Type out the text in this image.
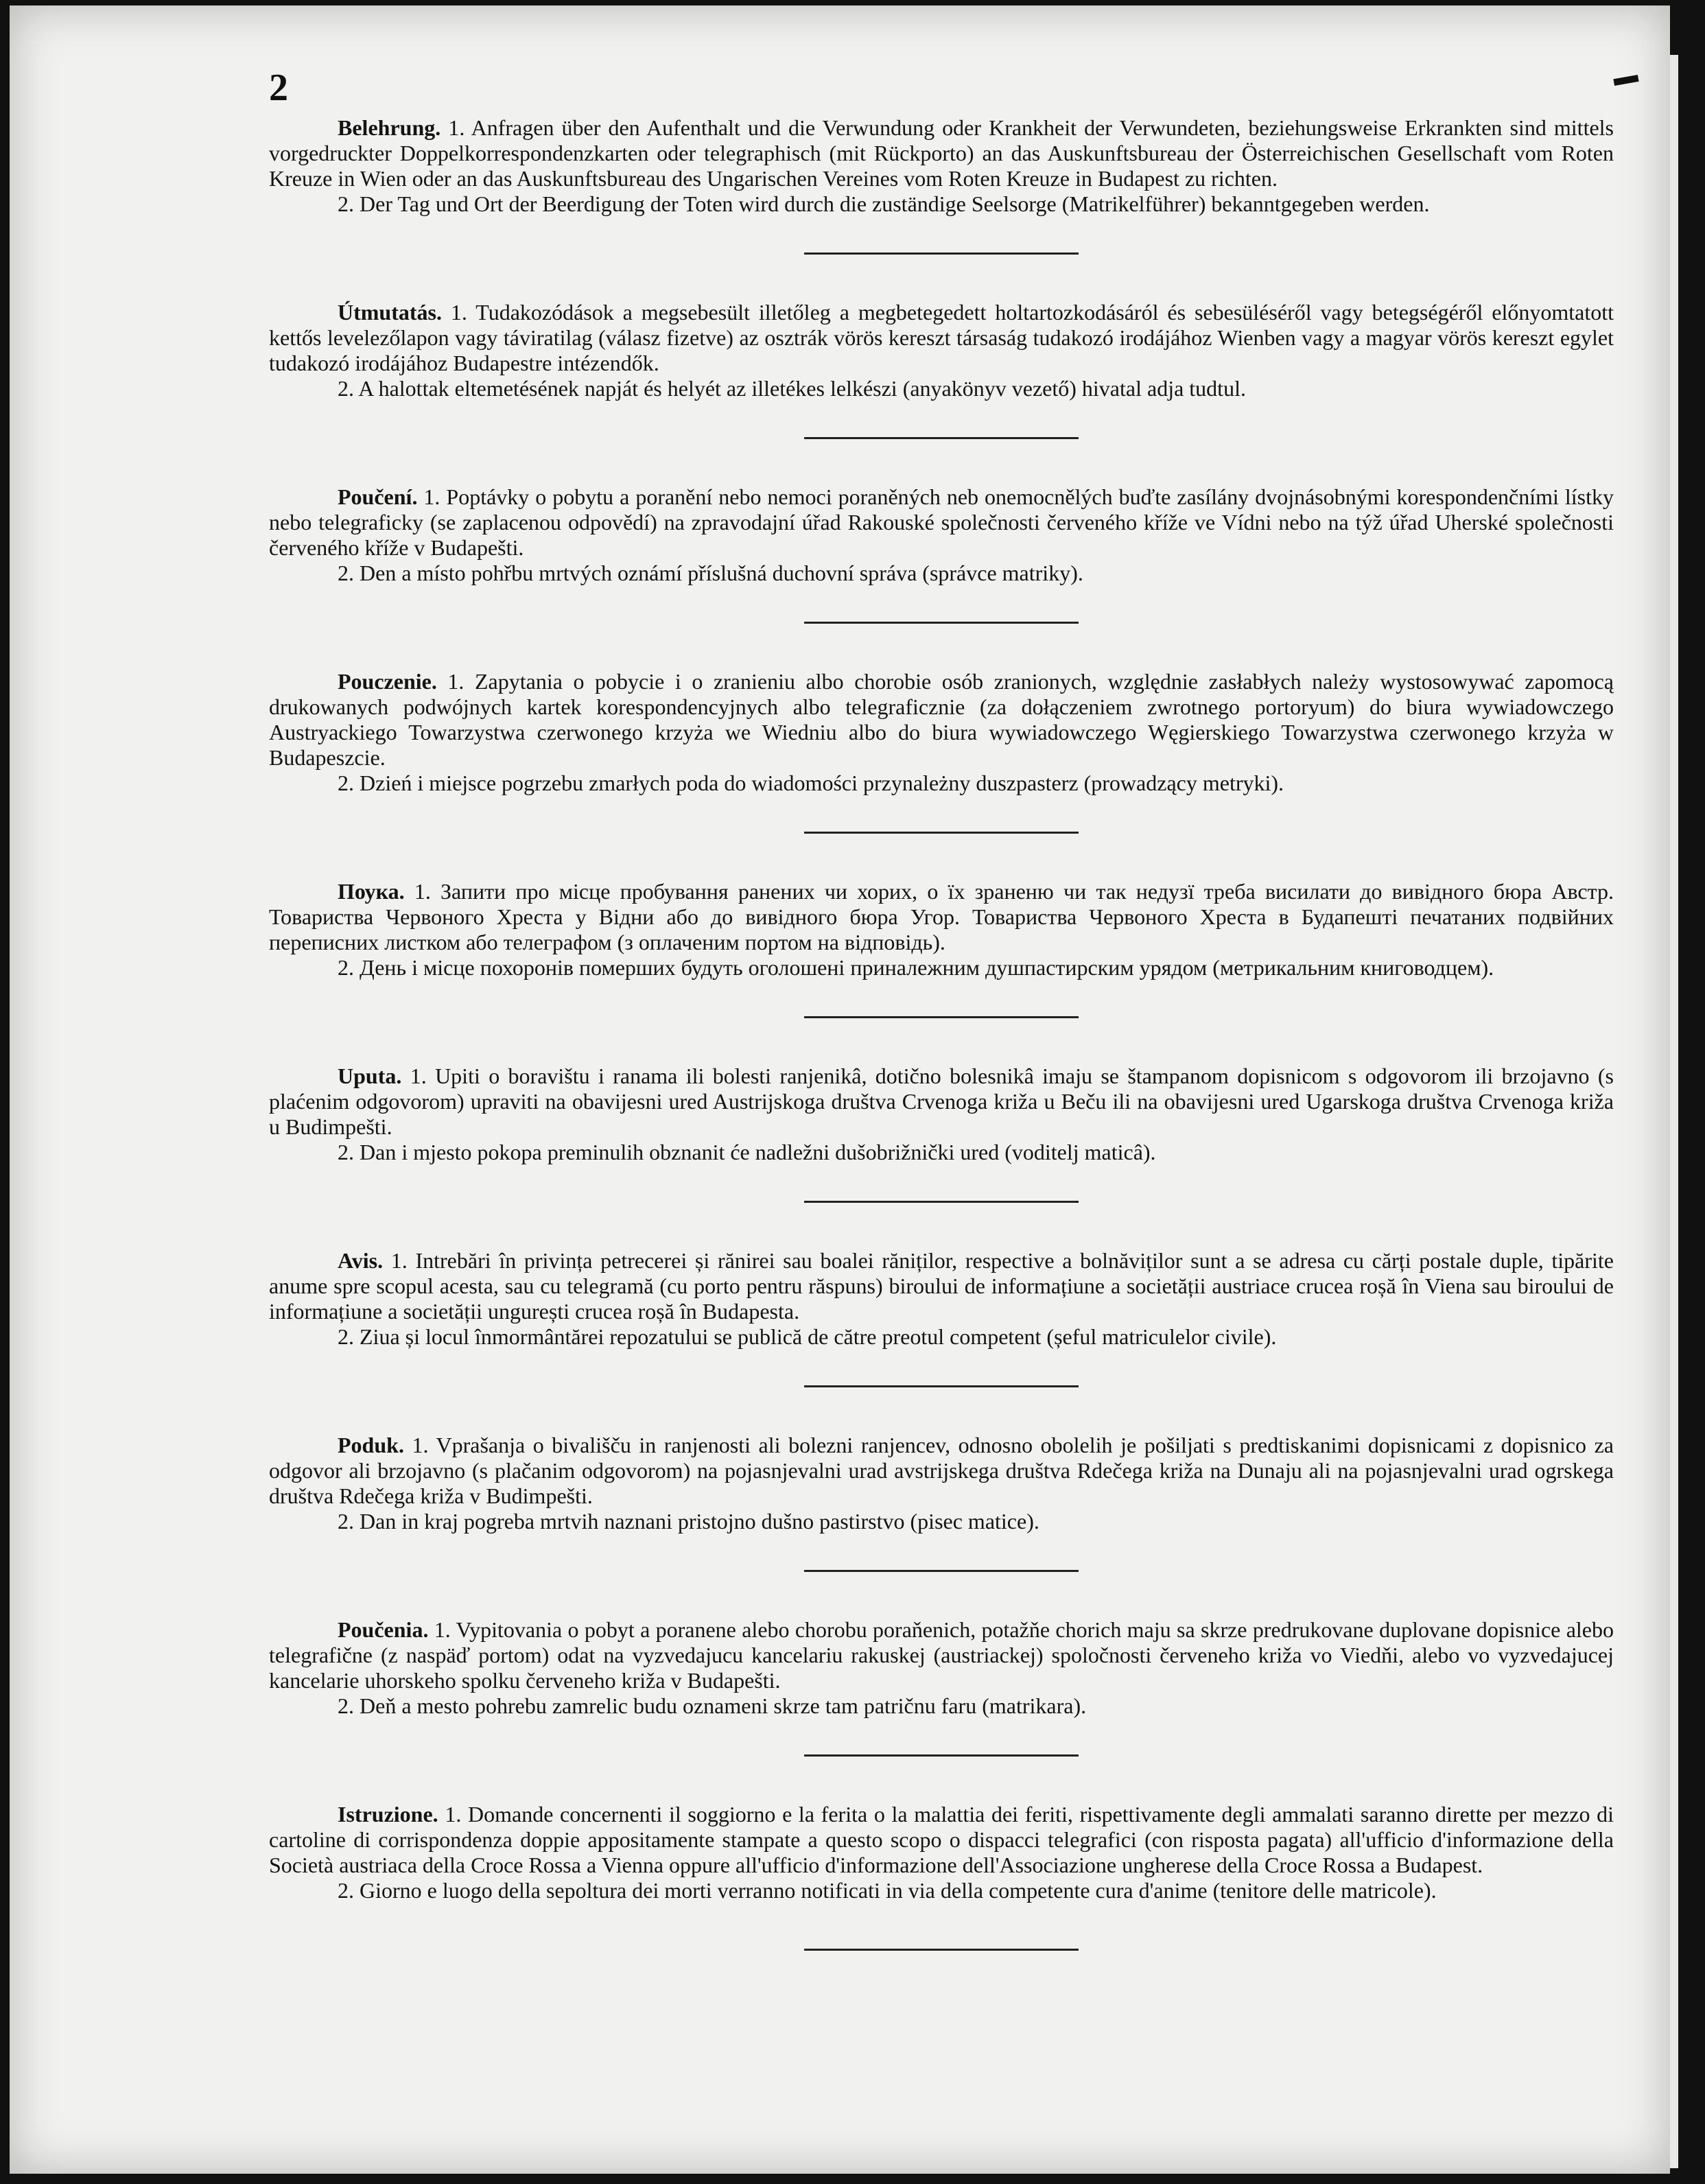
2

Belehrung. 1. Anfragen über den Aufenthalt und die Verwundung oder Krankheit der Verwundeten, beziehungsweise Erkrankten sind mittels vorgedruckter Doppelkorrespondenzkarten oder telegraphisch (mit Rückporto) an das Auskunftsbureau der Österreichischen Gesellschaft vom Roten Kreuze in Wien oder an das Auskunftsbureau des Ungarischen Vereines vom Roten Kreuze in Budapest zu richten.

2. Der Tag und Ort der Beerdigung der Toten wird durch die zuständige Seelsorge (Matrikelführer) bekanntgegeben werden.

Útmutatás. 1. Tudakozódások a megsebesült illetőleg a megbetegedett holtartozkodásáról és sebesüléséről vagy betegségéről előnyomtatott kettős levelezőlapon vagy táviratilag (válasz fizetve) az osztrák vörös kereszt társaság tudakozó irodájához Wienben vagy a magyar vörös kereszt egylet tudakozó irodájához Budapestre intézendők.

2. A halottak eltemetésének napját és helyét az illetékes lelkészi (anyakönyv vezető) hivatal adja tudtul.

Poučení. 1. Poptávky o pobytu a poranění nebo nemoci poraněných neb onemocnělých buďte zasílány dvojnásobnými korespondenčními lístky nebo telegraficky (se zaplacenou odpovědí) na zpravodajní úřad Rakouské společnosti červeného kříže ve Vídni nebo na týž úřad Uherské společnosti červeného kříže v Budapešti.

2. Den a místo pohřbu mrtvých oznámí příslušná duchovní správa (správce matriky).

Pouczenie. 1. Zapytania o pobycie i o zranieniu albo chorobie osób zranionych, względnie zasłabłych należy wystosowywać zapomocą drukowanych podwójnych kartek korespondencyjnych albo telegraficznie (za dołączeniem zwrotnego portoryum) do biura wywiadowczego Austryackiego Towarzystwa czerwonego krzyża we Wiedniu albo do biura wywiadowczego Węgierskiego Towarzystwa czerwonego krzyża w Budapeszcie.

2. Dzień i miejsce pogrzebu zmarłych poda do wiadomości przynależny duszpasterz (prowadzący metryki).

Поука. 1. Запити про місце пробування ранених чи хорих, о їх зраненю чи так недузї треба висилати до вивідного бюра Австр. Товариства Червоного Хреста у Відни або до вивідного бюра Угор. Товариства Червоного Хреста в Будапешті печатаних подвійних переписних листком або телеграфом (з оплаченим портом на відповідь).

2. День і місце похоронів померших будуть оголошені приналежним душпастирским урядом (метрикальним книговодцем).

Uputa. 1. Upiti o boravištu i ranama ili bolesti ranjenikâ, dotično bolesnikâ imaju se štampanom dopisnicom s odgovorom ili brzojavno (s plaćenim odgovorom) upraviti na obavijesni ured Austrijskoga društva Crvenoga križa u Beču ili na obavijesni ured Ugarskoga društva Crvenoga križa u Budimpešti.

2. Dan i mjesto pokopa preminulih obznanit će nadležni dušobrižnički ured (voditelj maticâ).

Avis. 1. Intrebări în privința petrecerei și rănirei sau boalei răniților, respective a bolnăviților sunt a se adresa cu cărți postale duple, tipărite anume spre scopul acesta, sau cu telegramă (cu porto pentru răspuns) biroului de informațiune a societății austriace crucea roșă în Viena sau biroului de informațiune a societății ungurești crucea roșă în Budapesta.

2. Ziua și locul înmormântărei repozatului se publică de către preotul competent (șeful matriculelor civile).

Poduk. 1. Vprašanja o bivališču in ranjenosti ali bolezni ranjencev, odnosno obolelih je pošiljati s predtiskanimi dopisnicami z dopisnico za odgovor ali brzojavno (s plačanim odgovorom) na pojasnjevalni urad avstrijskega društva Rdečega križa na Dunaju ali na pojasnjevalni urad ogrskega društva Rdečega križa v Budimpešti.

2. Dan in kraj pogreba mrtvih naznani pristojno dušno pastirstvo (pisec matice).

Poučenia. 1. Vypitovania o pobyt a poranene alebo chorobu poraňenich, potažňe chorich maju sa skrze predrukovane duplovane dopisnice alebo telegrafične (z naspäď portom) odat na vyzvedajucu kancelariu rakuskej (austriackej) spoločnosti červeneho križa vo Viedňi, alebo vo vyzvedajucej kancelarie uhorskeho spolku červeneho križa v Budapešti.

2. Deň a mesto pohrebu zamrelic budu oznameni skrze tam patričnu faru (matrikara).

Istruzione. 1. Domande concernenti il soggiorno e la ferita o la malattia dei feriti, rispettivamente degli ammalati saranno dirette per mezzo di cartoline di corrispondenza doppie appositamente stampate a questo scopo o dispacci telegrafici (con risposta pagata) all'ufficio d'informazione della Società austriaca della Croce Rossa a Vienna oppure all'ufficio d'informazione dell'Associazione ungherese della Croce Rossa a Budapest.

2. Giorno e luogo della sepoltura dei morti verranno notificati in via della competente cura d'anime (tenitore delle matricole).
